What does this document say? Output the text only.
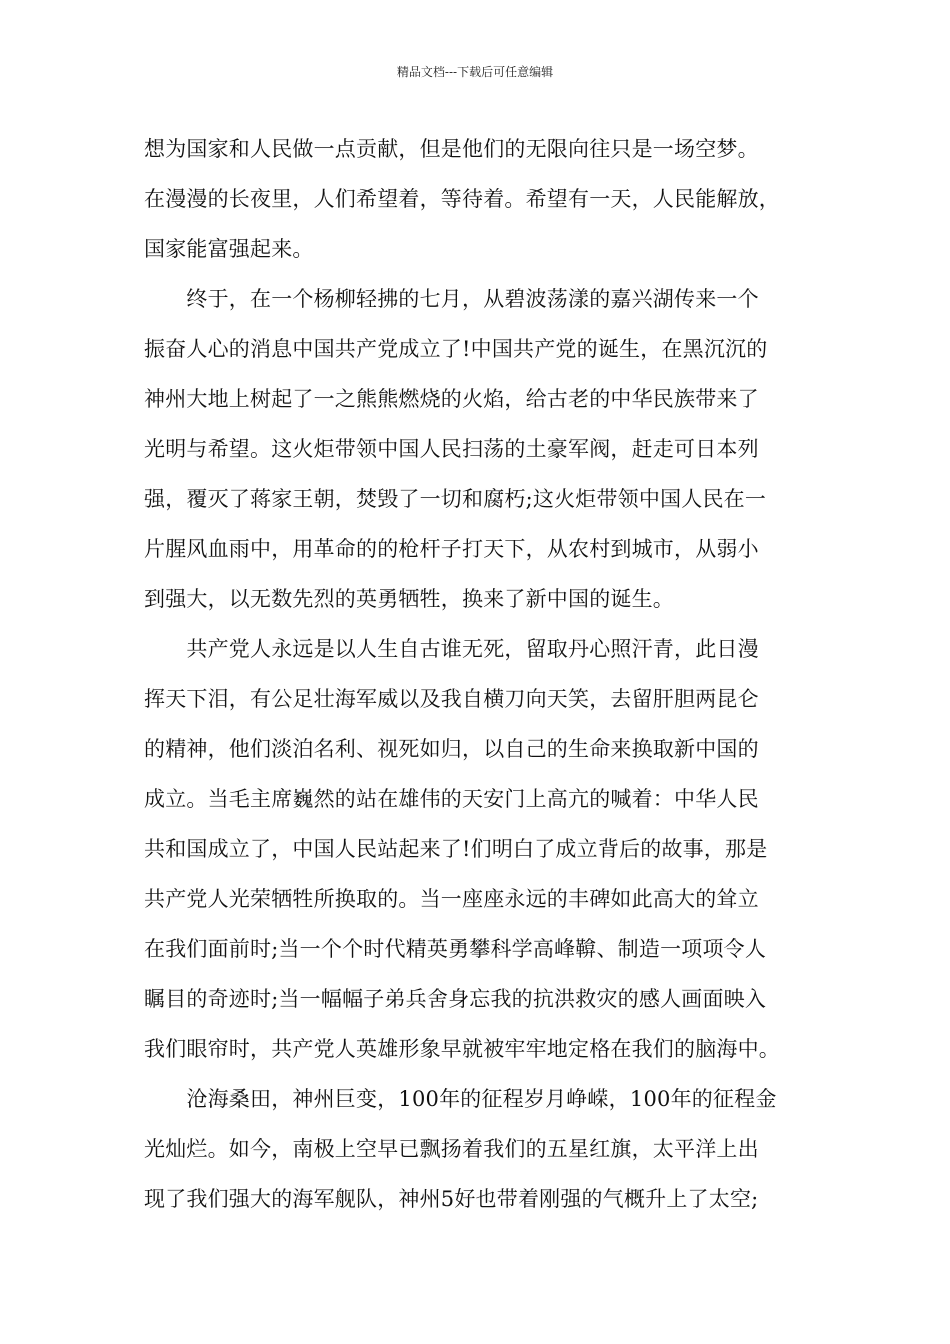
精品文档---下载后可任意编辑
想为国家和人民做一点贡献，但是他们的无限向往只是一场空梦。
在漫漫的长夜里，人们希望着，等待着。希望有一天，人民能解放，
国家能富强起来。
　　终于，在一个杨柳轻拂的七月，从碧波荡漾的嘉兴湖传来一个
振奋人心的消息中国共产党成立了!中国共产党的诞生，在黑沉沉的
神州大地上树起了一之熊熊燃烧的火焰，给古老的中华民族带来了
光明与希望。这火炬带领中国人民扫荡的土豪军阀，赶走可日本列
强，覆灭了蒋家王朝，焚毁了一切和腐朽;这火炬带领中国人民在一
片腥风血雨中，用革命的的枪杆子打天下，从农村到城市，从弱小
到强大，以无数先烈的英勇牺牲，换来了新中国的诞生。
　　共产党人永远是以人生自古谁无死，留取丹心照汗青，此日漫
挥天下泪，有公足壮海军威以及我自横刀向天笑，去留肝胆两昆仑
的精神，他们淡泊名利、视死如归，以自己的生命来换取新中国的
成立。当毛主席巍然的站在雄伟的天安门上高亢的喊着：中华人民
共和国成立了，中国人民站起来了!们明白了成立背后的故事，那是
共产党人光荣牺牲所换取的。当一座座永远的丰碑如此高大的耸立
在我们面前时;当一个个时代精英勇攀科学高峰鞥、制造一项项令人
瞩目的奇迹时;当一幅幅子弟兵舍身忘我的抗洪救灾的感人画面映入
我们眼帘时，共产党人英雄形象早就被牢牢地定格在我们的脑海中。
　　沧海桑田，神州巨变，100年的征程岁月峥嵘，100年的征程金
光灿烂。如今，南极上空早已飘扬着我们的五星红旗，太平洋上出
现了我们强大的海军舰队，神州5好也带着刚强的气概升上了太空;
